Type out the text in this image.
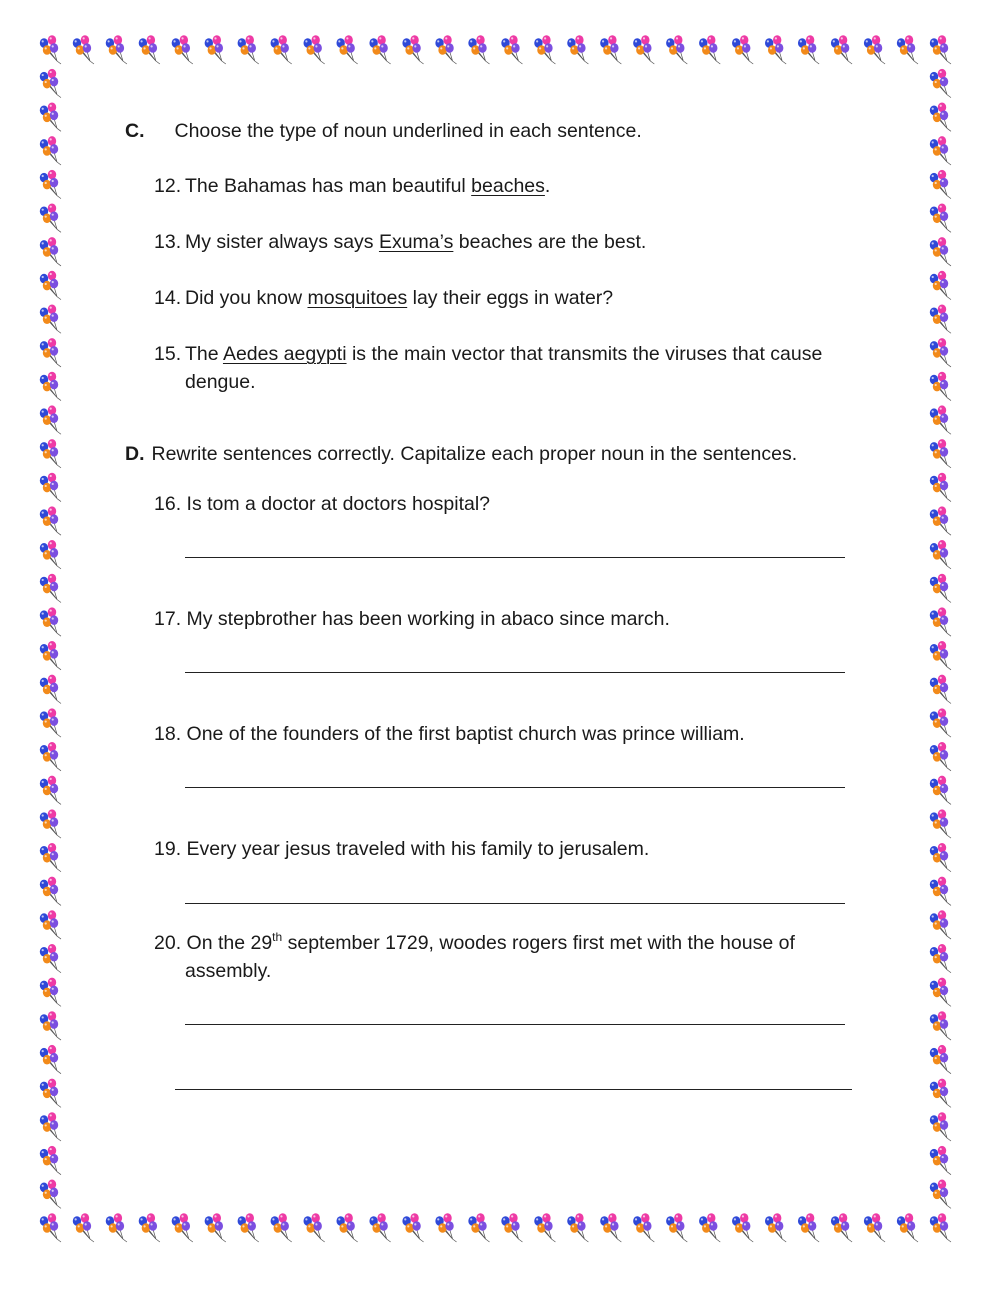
C. Choose the type of noun underlined in each sentence.
12. The Bahamas has man beautiful beaches.
13. My sister always says Exuma’s beaches are the best.
14. Did you know mosquitoes lay their eggs in water?
15. The Aedes aegypti is the main vector that transmits the viruses that cause
dengue.
D. Rewrite sentences correctly. Capitalize each proper noun in the sentences.
16. Is tom a doctor at doctors hospital?
17. My stepbrother has been working in abaco since march.
18. One of the founders of the first baptist church was prince william.
19. Every year jesus traveled with his family to jerusalem.
20. On the 29th september 1729, woodes rogers first met with the house of
assembly.
